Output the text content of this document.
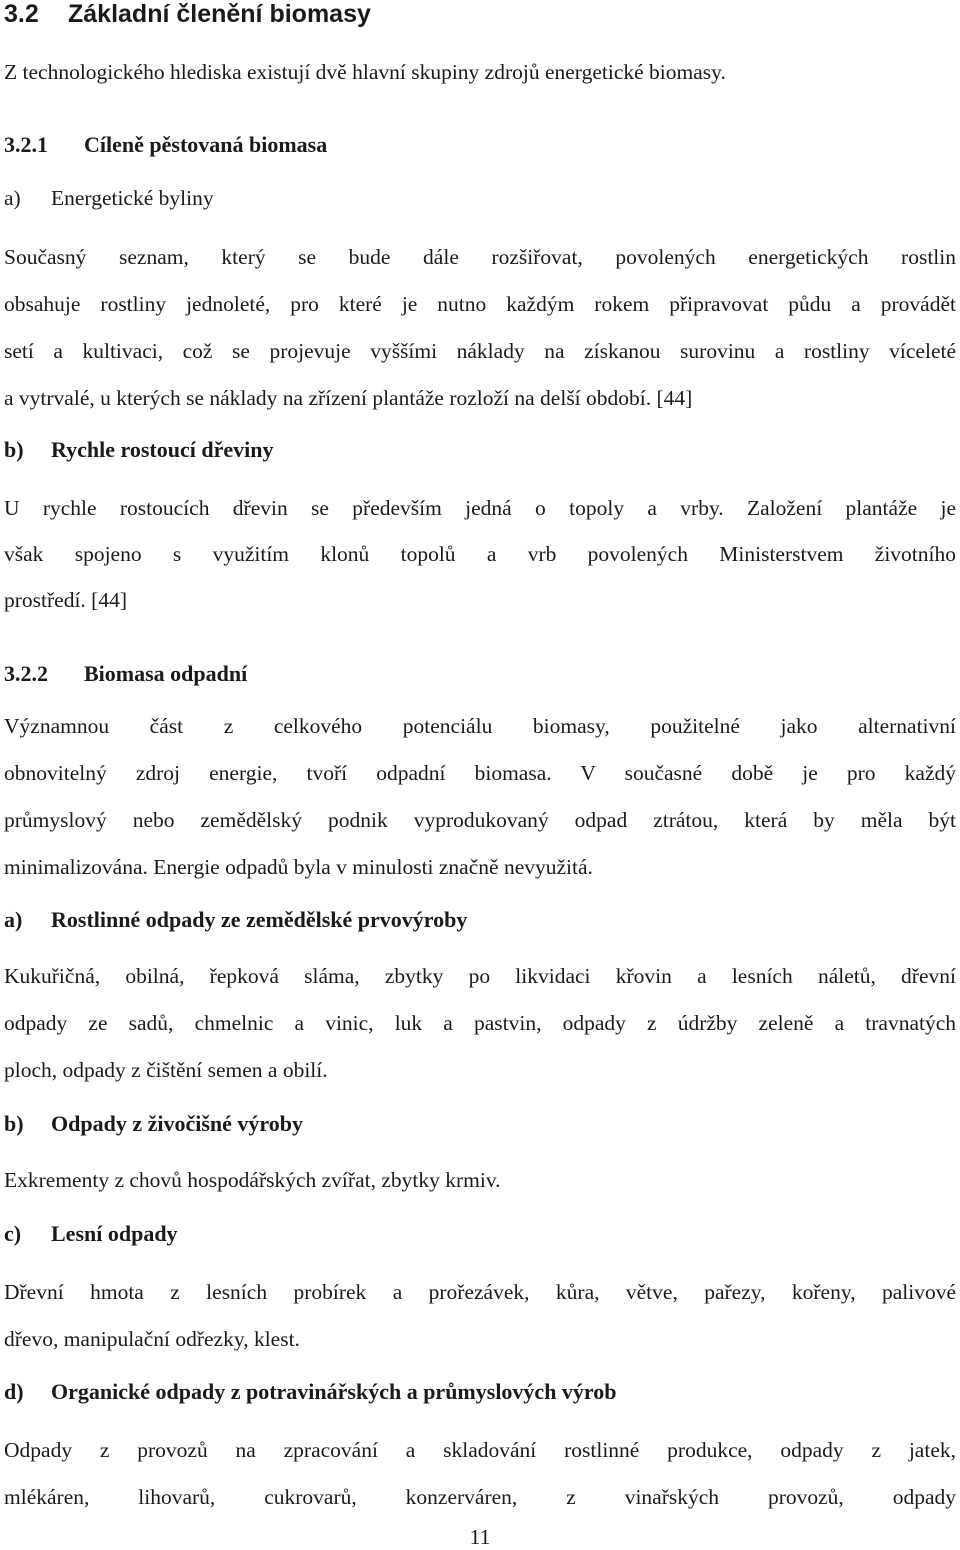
3.2 Základní členění biomasy

Z technologického hlediska existují dvě hlavní skupiny zdrojů energetické biomasy.

3.2.1 Cíleně pěstovaná biomasa
a) Energetické byliny
Současný seznam, který se bude dále rozšiřovat, povolených energetických rostlin
obsahuje rostliny jednoleté, pro které je nutno každým rokem připravovat půdu a provádět
setí a kultivaci, což se projevuje vyššími náklady na získanou surovinu a rostliny víceleté
a vytrvalé, u kterých se náklady na zřízení plantáže rozloží na delší období. [44]
b) Rychle rostoucí dřeviny
U rychle rostoucích dřevin se především jedná o topoly a vrby. Založení plantáže je
však spojeno s využitím klonů topolů a vrb povolených Ministerstvem životního
prostředí. [44]
3.2.2 Biomasa odpadní
Významnou část z celkového potenciálu biomasy, použitelné jako alternativní
obnovitelný zdroj energie, tvoří odpadní biomasa. V současné době je pro každý
průmyslový nebo zemědělský podnik vyprodukovaný odpad ztrátou, která by měla být
minimalizována. Energie odpadů byla v minulosti značně nevyužitá.
a) Rostlinné odpady ze zemědělské prvovýroby
Kukuřičná, obilná, řepková sláma, zbytky po likvidaci křovin a lesních náletů, dřevní
odpady ze sadů, chmelnic a vinic, luk a pastvin, odpady z údržby zeleně a travnatých
ploch, odpady z čištění semen a obilí.
b) Odpady z živočišné výroby
Exkrementy z chovů hospodářských zvířat, zbytky krmiv.
c) Lesní odpady
Dřevní hmota z lesních probírek a prořezávek, kůra, větve, pařezy, kořeny, palivové
dřevo, manipulační odřezky, klest.
d) Organické odpady z potravinářských a průmyslových výrob
Odpady z provozů na zpracování a skladování rostlinné produkce, odpady z jatek,
mlékáren, lihovarů, cukrovarů, konzerváren, z vinařských provozů, odpady
11
